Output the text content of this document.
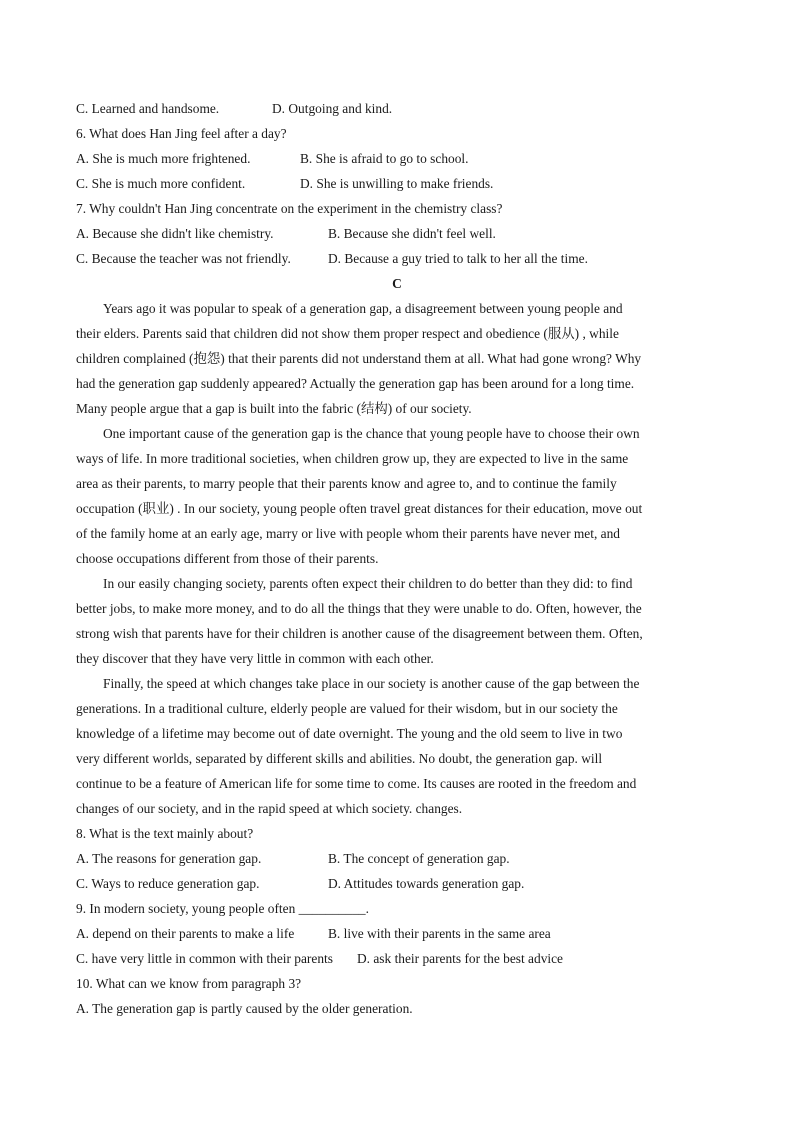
C. Learned and handsome.	D. Outgoing and kind.
6. What does Han Jing feel after a day?
A. She is much more frightened.	B. She is afraid to go to school.
C. She is much more confident.	D. She is unwilling to make friends.
7. Why couldn't Han Jing concentrate on the experiment in the chemistry class?
A. Because she didn't like chemistry.	B. Because she didn't feel well.
C. Because the teacher was not friendly.	D. Because a guy tried to talk to her all the time.
C
Years ago it was popular to speak of a generation gap, a disagreement between young people and
their elders. Parents said that children did not show them proper respect and obedience (服从) , while
children complained (抱怨) that their parents did not understand them at all. What had gone wrong? Why
had the generation gap suddenly appeared? Actually the generation gap has been around for a long time.
Many people argue that a gap is built into the fabric (结构) of our society.
One important cause of the generation gap is the chance that young people have to choose their own
ways of life. In more traditional societies, when children grow up, they are expected to live in the same
area as their parents, to marry people that their parents know and agree to, and to continue the family
occupation (职业) . In our society, young people often travel great distances for their education, move out
of the family home at an early age, marry or live with people whom their parents have never met, and
choose occupations different from those of their parents.
In our easily changing society, parents often expect their children to do better than they did: to find
better jobs, to make more money, and to do all the things that they were unable to do. Often, however, the
strong wish that parents have for their children is another cause of the disagreement between them. Often,
they discover that they have very little in common with each other.
Finally, the speed at which changes take place in our society is another cause of the gap between the
generations. In a traditional culture, elderly people are valued for their wisdom, but in our society the
knowledge of a lifetime may become out of date overnight. The young and the old seem to live in two
very different worlds, separated by different skills and abilities. No doubt, the generation gap. will
continue to be a feature of American life for some time to come. Its causes are rooted in the freedom and
changes of our society, and in the rapid speed at which society. changes.
8. What is the text mainly about?
A. The reasons for generation gap.	B. The concept of generation gap.
C. Ways to reduce generation gap.	D. Attitudes towards generation gap.
9. In modern society, young people often __________.
A. depend on their parents to make a life	B. live with their parents in the same area
C. have very little in common with their parents D. ask their parents for the best advice
10. What can we know from paragraph 3?
A. The generation gap is partly caused by the older generation.
